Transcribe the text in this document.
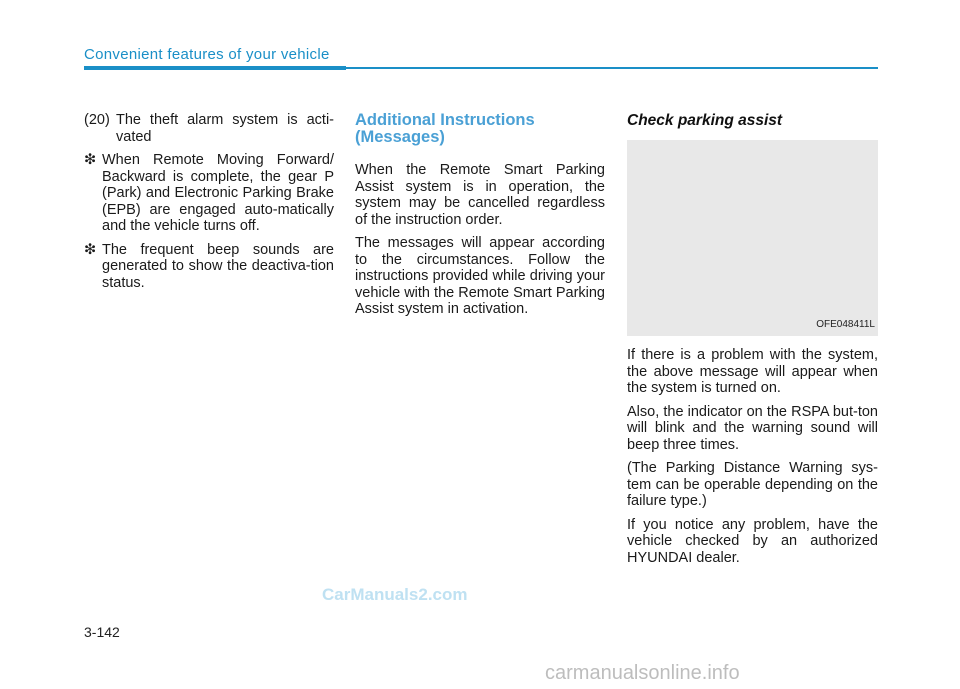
Convenient features of your vehicle
(20) The theft alarm system is acti-vated
❇ When Remote Moving Forward/ Backward is complete, the gear P (Park) and Electronic Parking Brake (EPB) are engaged auto-matically and the vehicle turns off.
❇ The frequent beep sounds are generated to show the deactiva-tion status.
Additional Instructions (Messages)

When the Remote Smart Parking Assist system is in operation, the system may be cancelled regardless of the instruction order.

The messages will appear according to the circumstances. Follow the instructions provided while driving your vehicle with the Remote Smart Parking Assist system in activation.

Check parking assist
OFE048411L

If there is a problem with the system, the above message will appear when the system is turned on.

Also, the indicator on the RSPA but-ton will blink and the warning sound will beep three times.

(The Parking Distance Warning sys-tem can be operable depending on the failure type.)

If you notice any problem, have the vehicle checked by an authorized HYUNDAI dealer.

CarManuals2.com
3-142
carmanualsonline.info
